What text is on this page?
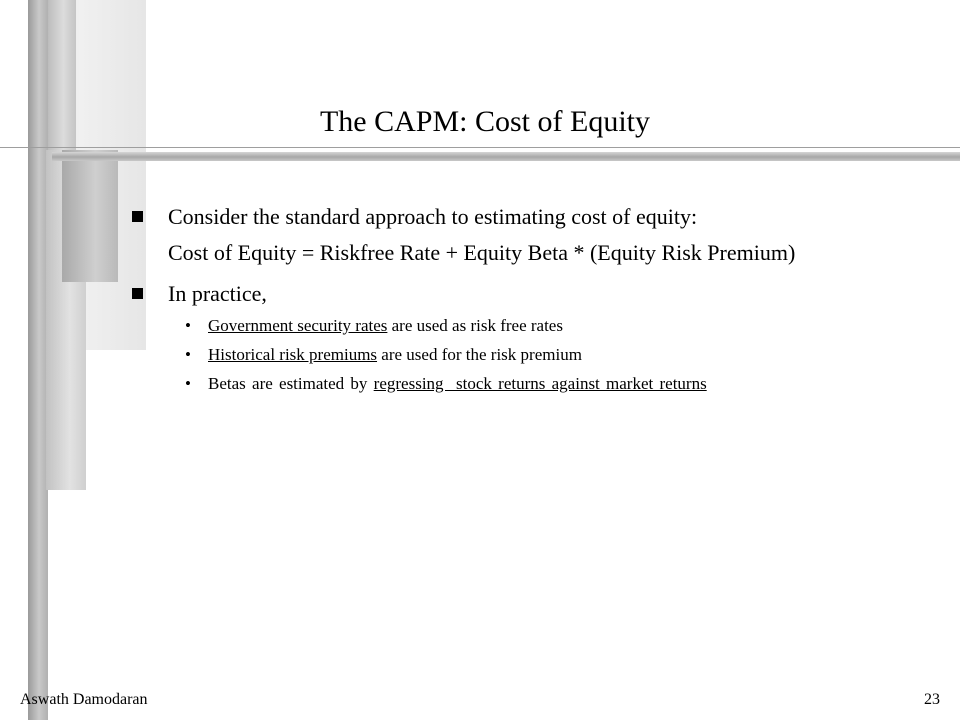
The CAPM: Cost of Equity
Consider the standard approach to estimating cost of equity:
Cost of Equity = Riskfree Rate + Equity Beta * (Equity Risk Premium)
In practice,
• Government security rates are used as risk free rates
• Historical risk premiums are used for the risk premium
• Betas are estimated by regressing  stock returns against market returns
Aswath Damodaran	23
